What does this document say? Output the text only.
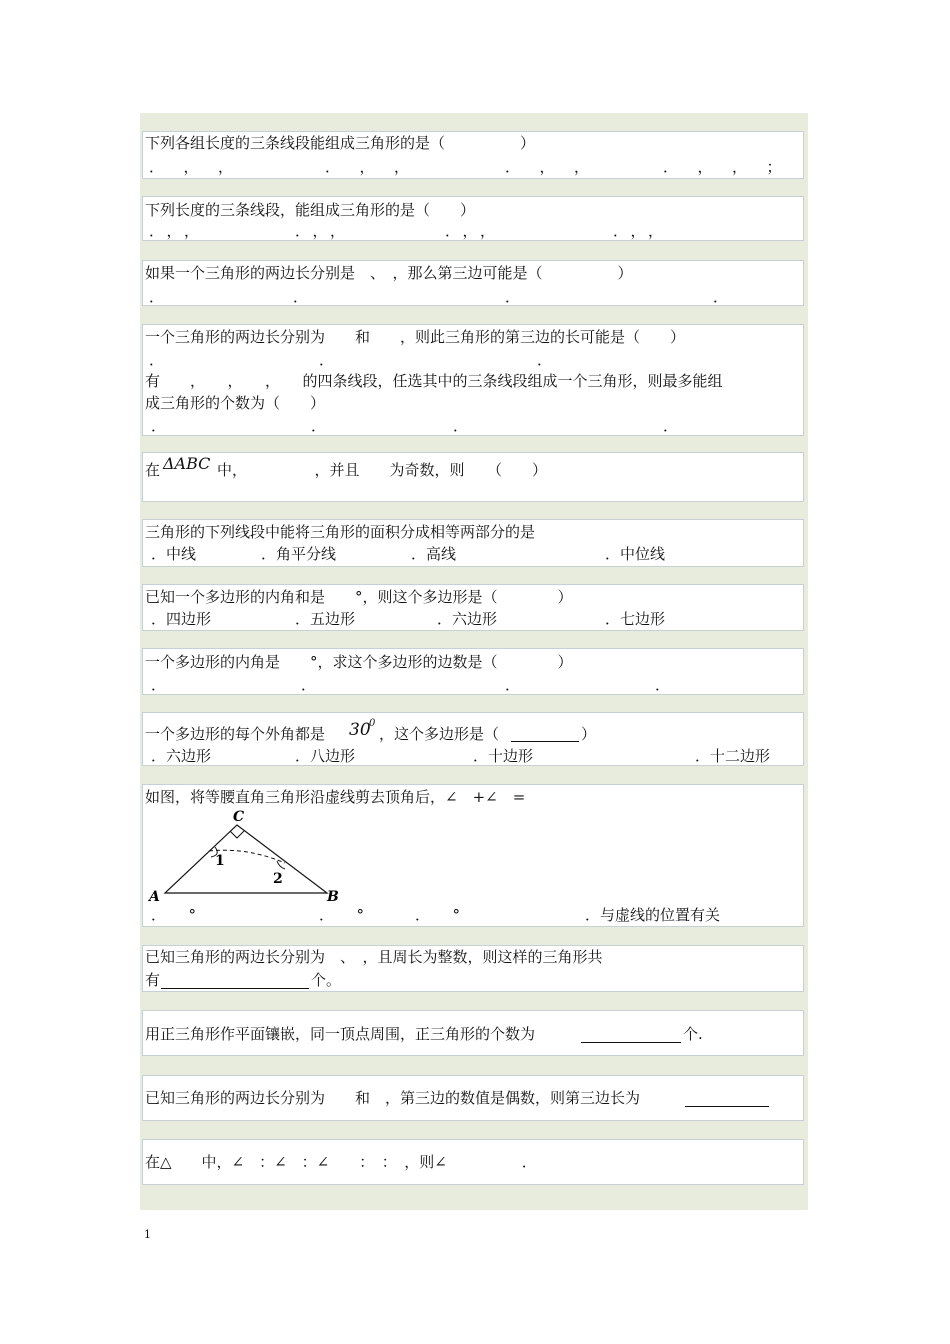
下列各组长度的三条线段能组成三角形的是（　　　　　）
．　，　，	．　，　，	．　，　，	．　，　，　；
下列长度的三条线段，能组成三角形的是（　　）
．，，	．，，	．，，	．，，
如果一个三角形的两边长分别是　、　，那么第三边可能是（　　　　　）
．	．	．	．
一个三角形的两边长分别为　　和　　，则此三角形的第三边的长可能是（　　）
．	．	．
有　　，　　，　　，　　的四条线段，任选其中的三条线段组成一个三角形，则最多能组
成三角形的个数为（　　）
．	．	．	．
在 ΔABC 中，　　　　　，并且　　为奇数，则　　（　　）
三角形的下列线段中能将三角形的面积分成相等两部分的是
．中线	．角平分线	．高线	．中位线
已知一个多边形的内角和是　　°，则这个多边形是（　　　　）
．四边形	．五边形	．六边形	．七边形
一个多边形的内角是　　°，求这个多边形的边数是（　　　　）
．	．	．	．
一个多边形的每个外角都是 30
0
，这个多边形是（	）
．六边形	．八边形	．十边形	．十二边形
如图，将等腰直角三角形沿虚线剪去顶角后，∠　+∠　=
C
1
2
A	B
．　　°	．　　°	．　　°	．与虚线的位置有关
已知三角形的两边长分别为　、　，且周长为整数，则这样的三角形共
有	个。
用正三角形作平面镶嵌，同一顶点周围，正三角形的个数为	个.
已知三角形的两边长分别为　　和　，第三边的数值是偶数，则第三边长为
在△　　中，∠　：∠　：∠　　：　：　，则∠　　　　　．
1
